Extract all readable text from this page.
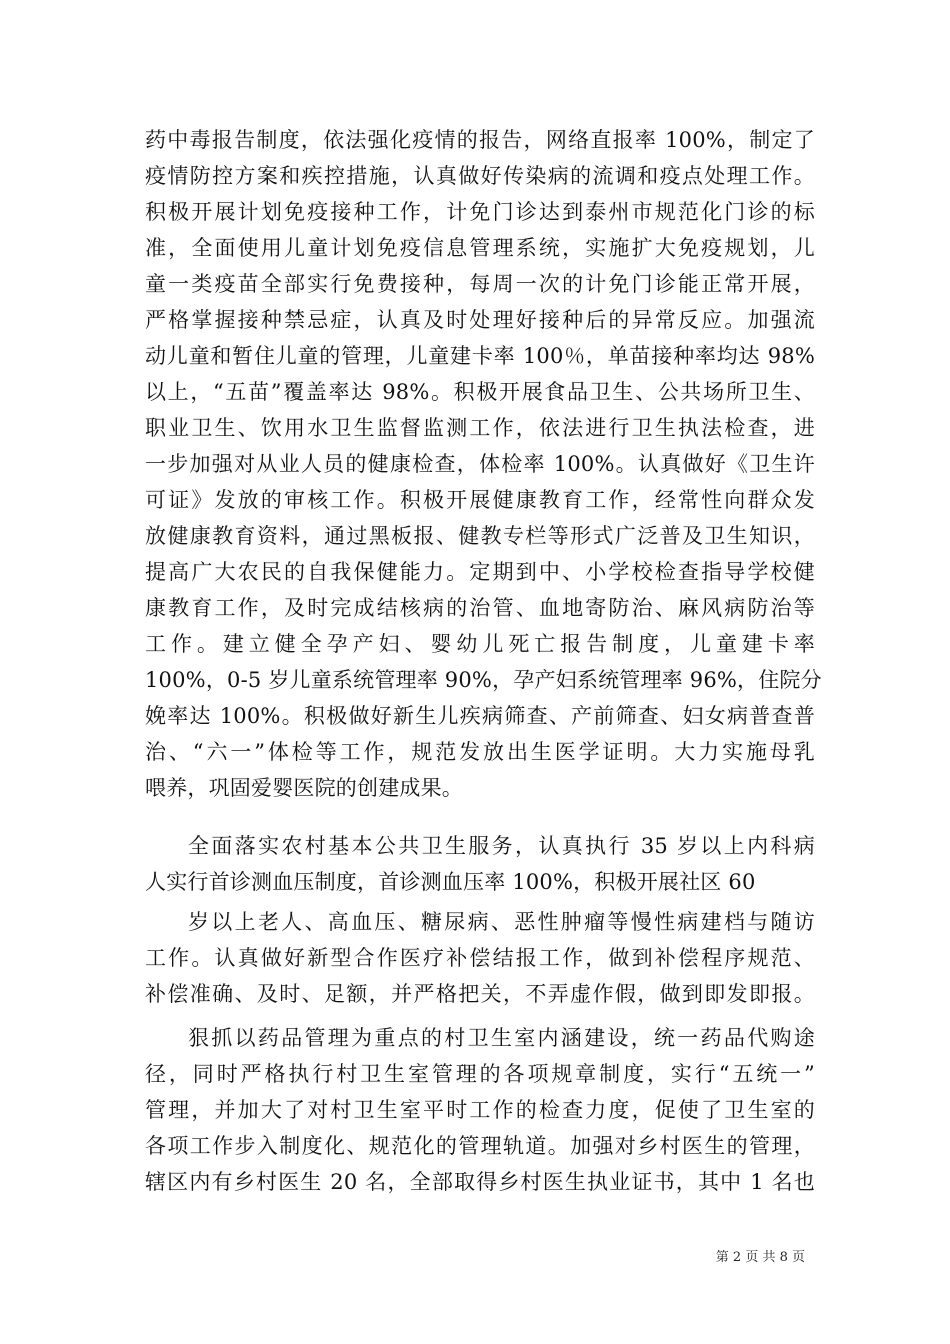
药中毒报告制度，依法强化疫情的报告，网络直报率 100%，制定了
疫情防控方案和疾控措施，认真做好传染病的流调和疫点处理工作。
积极开展计划免疫接种工作，计免门诊达到泰州市规范化门诊的标
准，全面使用儿童计划免疫信息管理系统，实施扩大免疫规划，儿
童一类疫苗全部实行免费接种，每周一次的计免门诊能正常开展，
严格掌握接种禁忌症，认真及时处理好接种后的异常反应。加强流
动儿童和暂住儿童的管理，儿童建卡率 100％，单苗接种率均达 98%
以上，“五苗”覆盖率达 98%。积极开展食品卫生、公共场所卫生、
职业卫生、饮用水卫生监督监测工作，依法进行卫生执法检查，进
一步加强对从业人员的健康检查，体检率 100%。认真做好《卫生许
可证》发放的审核工作。积极开展健康教育工作，经常性向群众发
放健康教育资料，通过黑板报、健教专栏等形式广泛普及卫生知识，
提高广大农民的自我保健能力。定期到中、小学校检查指导学校健
康教育工作，及时完成结核病的治管、血地寄防治、麻风病防治等
工作。建立健全孕产妇、婴幼儿死亡报告制度，儿童建卡率
100%，0-5 岁儿童系统管理率 90%，孕产妇系统管理率 96%，住院分
娩率达 100%。积极做好新生儿疾病筛查、产前筛查、妇女病普查普
治、“六一”体检等工作，规范发放出生医学证明。大力实施母乳
喂养，巩固爱婴医院的创建成果。
全面落实农村基本公共卫生服务，认真执行 35 岁以上内科病
人实行首诊测血压制度，首诊测血压率 100%，积极开展社区 60
岁以上老人、高血压、糖尿病、恶性肿瘤等慢性病建档与随访
工作。认真做好新型合作医疗补偿结报工作，做到补偿程序规范、
补偿准确、及时、足额，并严格把关，不弄虚作假，做到即发即报。
狠抓以药品管理为重点的村卫生室内涵建设，统一药品代购途
径，同时严格执行村卫生室管理的各项规章制度，实行“五统一”
管理，并加大了对村卫生室平时工作的检查力度，促使了卫生室的
各项工作步入制度化、规范化的管理轨道。加强对乡村医生的管理，
辖区内有乡村医生 20 名，全部取得乡村医生执业证书，其中 1 名也
第 2 页 共 8 页
